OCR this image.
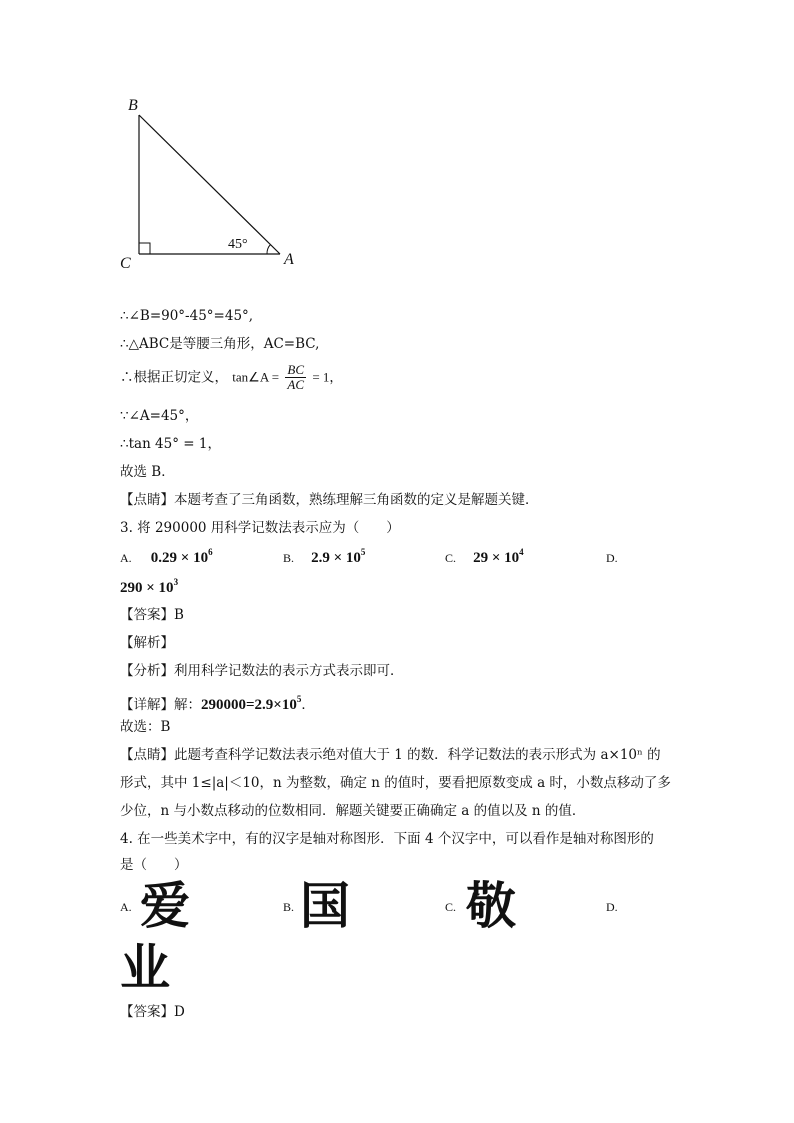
B
C	A
45°
∴∠B=90°-45°=45°,
∴△ABC是等腰三角形，AC=BC,
∴根据正切定义， tan∠A = $\frac{BC}{AC} = 1$，
∵∠A=45°，
∴tan 45° = 1，
故选 B．
【点睛】本题考查了三角函数，熟练理解三角函数的定义是解题关键．
3. 将 290000 用科学记数法表示应为（　　）
A. $0.29 \times 10^6$	B. $2.9 \times 10^5$	C. $29 \times 10^4$	D.
$290 \times 10^3$
【答案】B
【解析】
【分析】利用科学记数法的表示方式表示即可．
【详解】解：$290000=2.9\times 10^5$．
故选：B
【点睛】此题考查科学记数法表示绝对值大于 1 的数．科学记数法的表示形式为 a×10ⁿ 的
形式，其中 1≤|a|＜10，n 为整数，确定 n 的值时，要看把原数变成 a 时，小数点移动了多
少位，n 与小数点移动的位数相同．解题关键要正确确定 a 的值以及 n 的值．
4. 在一些美术字中，有的汉字是轴对称图形．下面 4 个汉字中，可以看作是轴对称图形的
是（　　）
A. 爱	B. 国	C. 敬	D.
业
【答案】D
